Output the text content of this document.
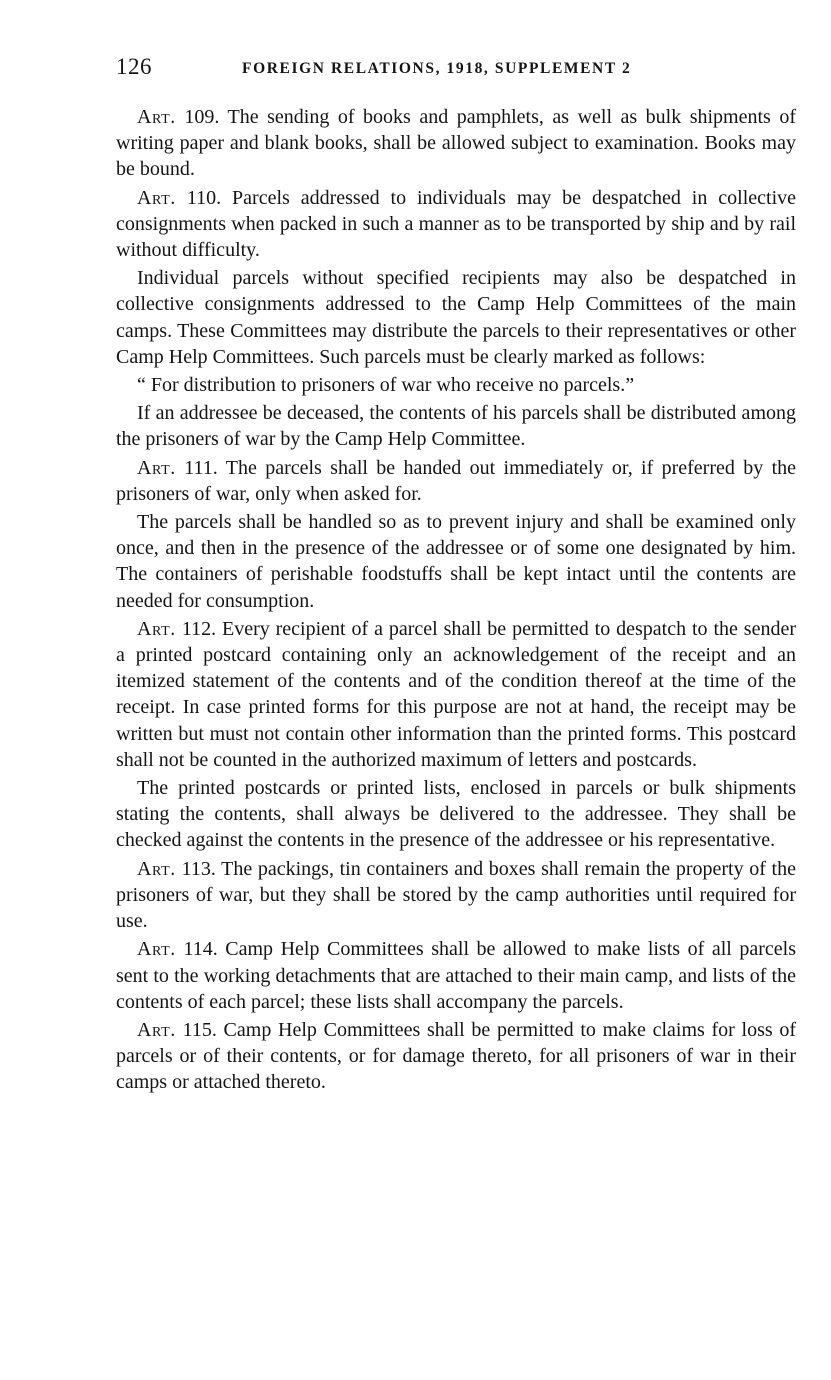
126	FOREIGN RELATIONS, 1918, SUPPLEMENT 2

Art. 109. The sending of books and pamphlets, as well as bulk shipments of writing paper and blank books, shall be allowed subject to examination. Books may be bound.

Art. 110. Parcels addressed to individuals may be despatched in collective consignments when packed in such a manner as to be transported by ship and by rail without difficulty.

Individual parcels without specified recipients may also be despatched in collective consignments addressed to the Camp Help Committees of the main camps. These Committees may distribute the parcels to their representatives or other Camp Help Committees. Such parcels must be clearly marked as follows:

“ For distribution to prisoners of war who receive no parcels.”

If an addressee be deceased, the contents of his parcels shall be distributed among the prisoners of war by the Camp Help Committee.

Art. 111. The parcels shall be handed out immediately or, if preferred by the prisoners of war, only when asked for.

The parcels shall be handled so as to prevent injury and shall be examined only once, and then in the presence of the addressee or of some one designated by him. The containers of perishable foodstuffs shall be kept intact until the contents are needed for consumption.

Art. 112. Every recipient of a parcel shall be permitted to despatch to the sender a printed postcard containing only an acknowledgement of the receipt and an itemized statement of the contents and of the condition thereof at the time of the receipt. In case printed forms for this purpose are not at hand, the receipt may be written but must not contain other information than the printed forms. This postcard shall not be counted in the authorized maximum of letters and postcards.

The printed postcards or printed lists, enclosed in parcels or bulk shipments stating the contents, shall always be delivered to the addressee. They shall be checked against the contents in the presence of the addressee or his representative.

Art. 113. The packings, tin containers and boxes shall remain the property of the prisoners of war, but they shall be stored by the camp authorities until required for use.

Art. 114. Camp Help Committees shall be allowed to make lists of all parcels sent to the working detachments that are attached to their main camp, and lists of the contents of each parcel; these lists shall accompany the parcels.

Art. 115. Camp Help Committees shall be permitted to make claims for loss of parcels or of their contents, or for damage thereto, for all prisoners of war in their camps or attached thereto.
